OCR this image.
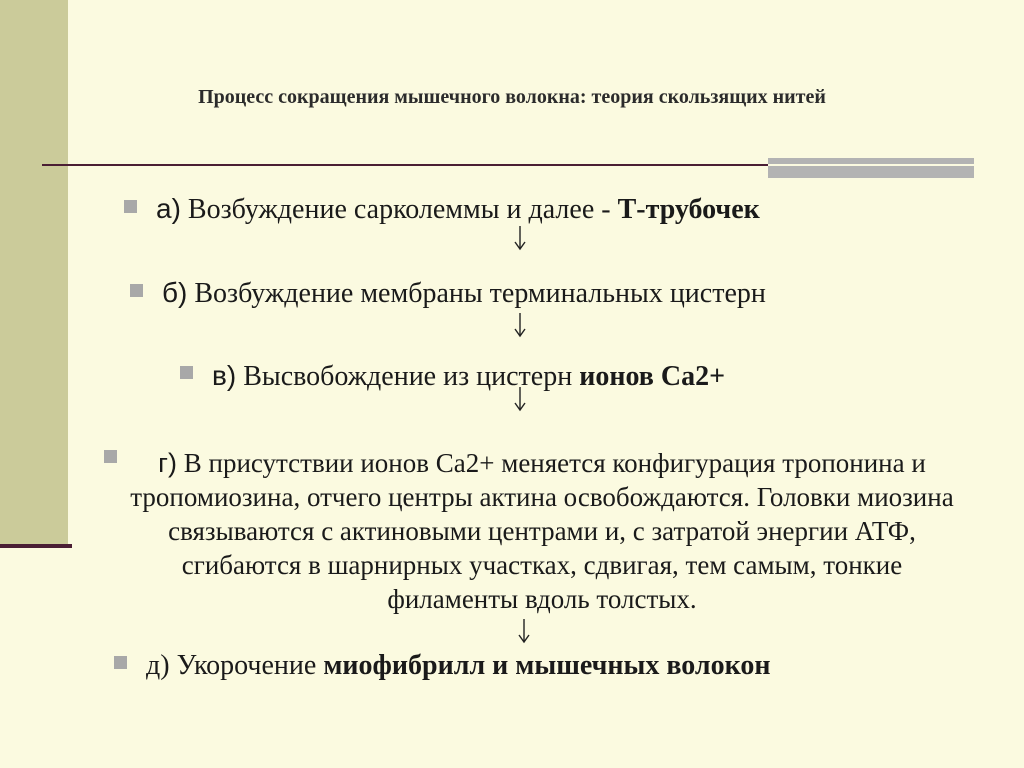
Процесс сокращения мышечного волокна: теория скользящих нитей
а) Возбуждение сарколеммы и далее - Т-трубочек
б) Возбуждение мембраны терминальных цистерн
в) Высвобождение из цистерн ионов Са2+
г) В присутствии ионов Са2+ меняется конфигурация тропонина и тропомиозина, отчего центры актина освобождаются. Головки миозина связываются с актиновыми центрами и, с затратой энергии АТФ, сгибаются в шарнирных участках, сдвигая, тем самым, тонкие филаменты вдоль толстых.
д) Укорочение миофибрилл и мышечных волокон
